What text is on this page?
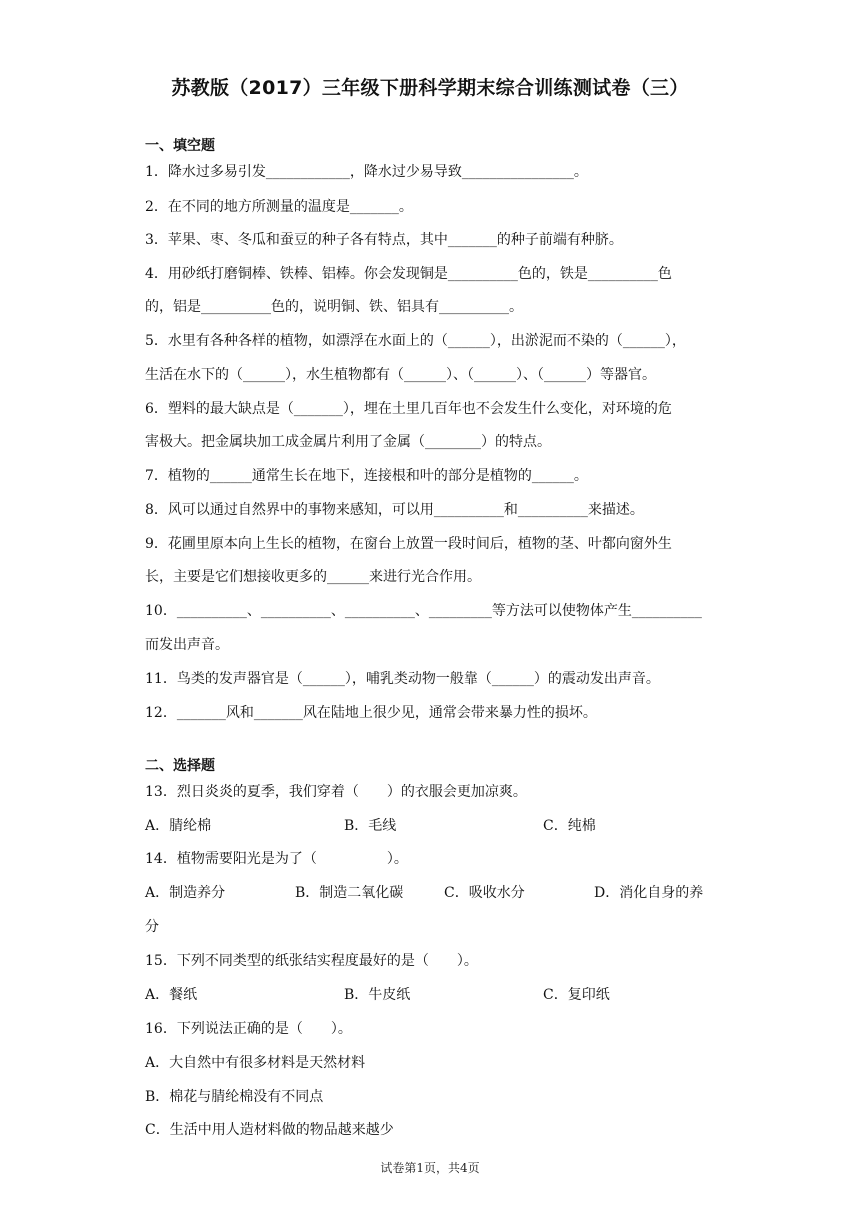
苏教版（2017）三年级下册科学期末综合训练测试卷（三）
一、填空题
1．降水过多易引发____________，降水过少易导致________________。
2．在不同的地方所测量的温度是_______。
3．苹果、枣、冬瓜和蚕豆的种子各有特点，其中_______的种子前端有种脐。
4．用砂纸打磨铜棒、铁棒、铝棒。你会发现铜是__________色的，铁是__________色
的，铝是__________色的，说明铜、铁、铝具有__________。
5．水里有各种各样的植物，如漂浮在水面上的（______），出淤泥而不染的（______），
生活在水下的（______），水生植物都有（______）、（______）、（______）等器官。
6．塑料的最大缺点是（_______），埋在土里几百年也不会发生什么变化，对环境的危
害极大。把金属块加工成金属片利用了金属（________）的特点。
7．植物的______通常生长在地下，连接根和叶的部分是植物的______。
8．风可以通过自然界中的事物来感知，可以用__________和__________来描述。
9．花圃里原本向上生长的植物，在窗台上放置一段时间后，植物的茎、叶都向窗外生
长，主要是它们想接收更多的______来进行光合作用。
10．__________、__________、__________、_________等方法可以使物体产生__________
而发出声音。
11．鸟类的发声器官是（______），哺乳类动物一般靠（______）的震动发出声音。
12．_______风和_______风在陆地上很少见，通常会带来暴力性的损坏。
二、选择题
13．烈日炎炎的夏季，我们穿着（　　）的衣服会更加凉爽。
A．腈纶棉	B．毛线	C．纯棉
14．植物需要阳光是为了（　　　　　）。
A．制造养分	B．制造二氧化碳	C．吸收水分	D．消化自身的养
分
15．下列不同类型的纸张结实程度最好的是（　　）。
A．餐纸	B．牛皮纸	C．复印纸
16．下列说法正确的是（　　）。
A．大自然中有很多材料是天然材料
B．棉花与腈纶棉没有不同点
C．生活中用人造材料做的物品越来越少
试卷第1页，共4页
